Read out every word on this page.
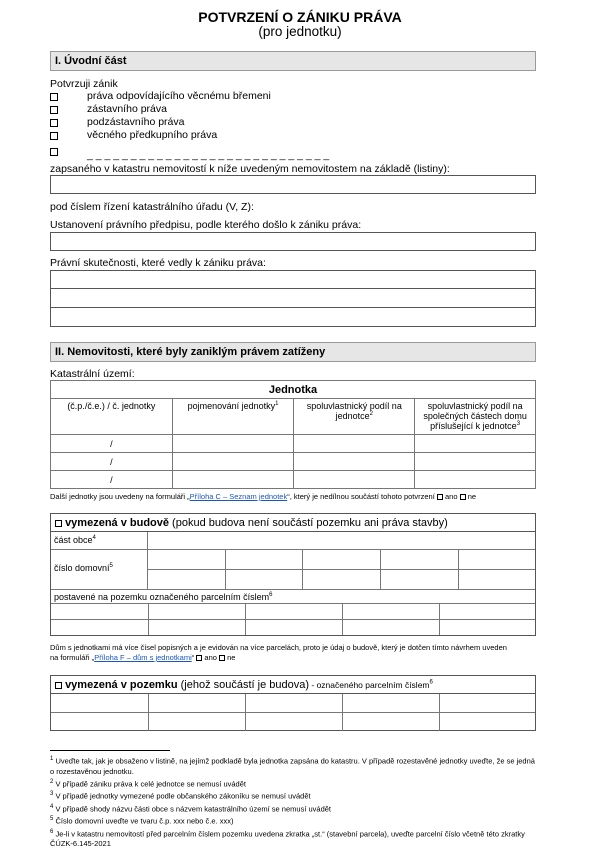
POTVRZENÍ O ZÁNIKU PRÁVA
(pro jednotku)
I. Úvodní část
Potvrzuji zánik
práva odpovídajícího věcnému břemeni
zástavního práva
podzástavního práva
věcného předkupního práva
_ _ _ _ _ _ _ _ _ _ _ _ _ _ _ _ _ _ _ _ _ _ _ _ _ _ _ _
zapsaného v katastru nemovitostí k níže uvedeným nemovitostem na základě (listiny):
pod číslem řízení katastrálního úřadu (V, Z):
Ustanovení právního předpisu, podle kterého došlo k zániku práva:
Právní skutečnosti, které vedly k zániku práva:
II. Nemovitosti, které byly zaniklým právem zatíženy
Katastrální území:
Jednotka			
(č.p./č.e.) / č. jednotky	pojmenování jednotky$^1$	spoluvlastnický podíl na jednotce$^2$	spoluvlastnický podíl na společných částech domu příslušející k jednotce$^3$
/			
/			
/			
Další jednotky jsou uvedeny na formuláři „Příloha C – Seznam jednotek“, který je nedílnou součástí tohoto potvrzení ano ne
vymezená v budově (pokud budova není součástí pozemku ani práva stavby)
část obce$^4$
číslo domovní$^5$
postavené na pozemku označeného parcelním číslem$^6$
Dům s jednotkami má více čísel popisných a je evidován na více parcelách, proto je údaj o budově, který je dotčen tímto návrhem uveden
na formuláři „Příloha F – dům s jednotkami“ ano ne
vymezená v pozemku (jehož součástí je budova) - označeného parcelním číslem$^6$
$^1$ Uveďte tak, jak je obsaženo v listině, na jejímž podkladě byla jednotka zapsána do katastru. V případě rozestavěné jednotky uveďte, že se jedná o rozestavěnou jednotku.
$^2$ V případě zániku práva k celé jednotce se nemusí uvádět
$^3$ V případě jednotky vymezené podle občanského zákoníku se nemusí uvádět
$^4$ V případě shody názvu části obce s názvem katastrálního území se nemusí uvádět
$^5$ Číslo domovní uveďte ve tvaru č.p. xxx nebo č.e. xxx)
$^6$ Je-li v katastru nemovitostí před parcelním číslem pozemku uvedena zkratka „st.“ (stavební parcela), uveďte parcelní číslo včetně této zkratky
ČÚZK-6.145-2021
